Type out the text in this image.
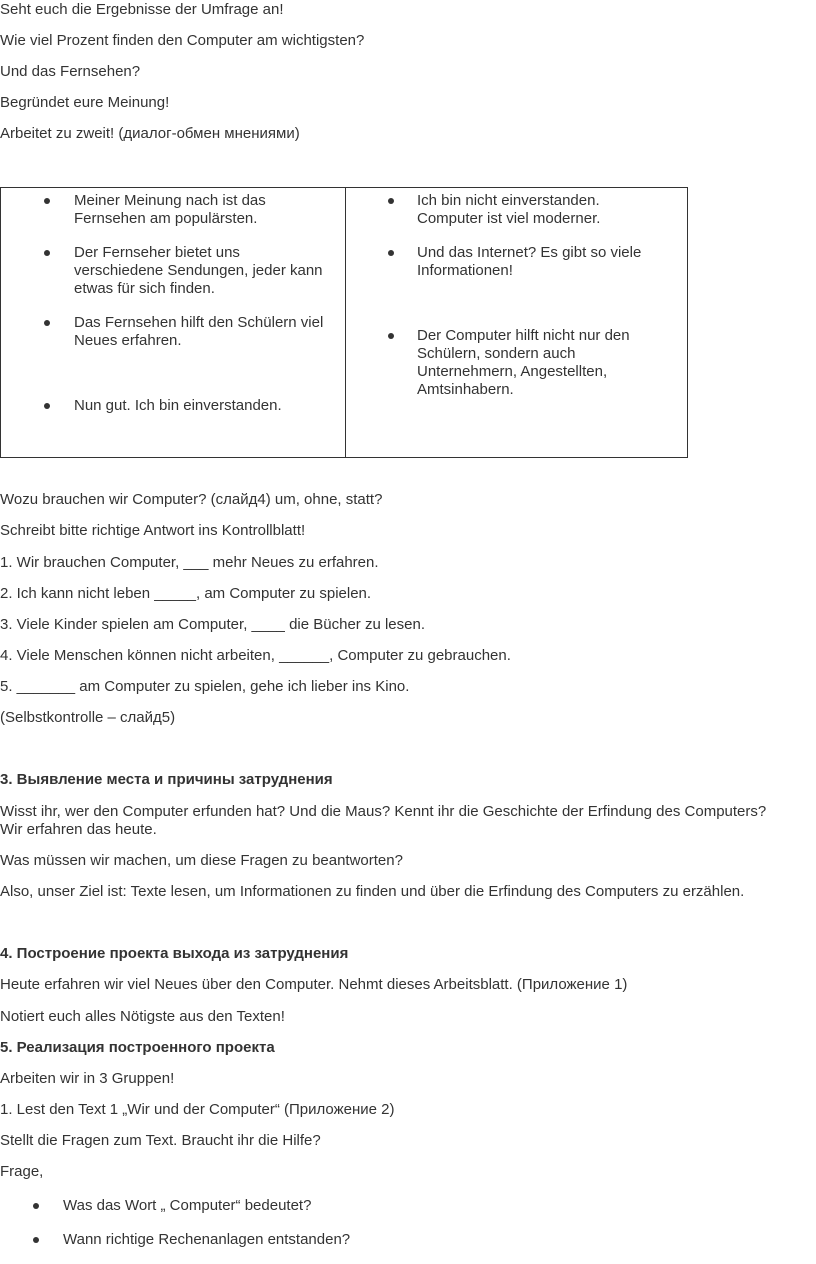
Seht euch die Ergebnisse der Umfrage an!

Wie viel Prozent finden den Computer am wichtigsten?

Und das Fernsehen?

Begründet eure Meinung!

Arbeitet zu zweit! (диалог-обмен мнениями)

Meiner Meinung nach ist das

Fernsehen am populärsten.

Der Fernseher bietet uns

verschiedene Sendungen, jeder kann

etwas für sich finden.

Das Fernsehen hilft den Schülern viel

Neues erfahren.

Nun gut. Ich bin einverstanden.

Ich bin nicht einverstanden.

Computer ist viel moderner.

Und das Internet? Es gibt so viele

Informationen!

Der Computer hilft nicht nur den

Schülern, sondern auch

Unternehmern, Angestellten,

Amtsinhabern.

Wozu brauchen wir Computer? (слайд4) um, ohne, statt?

Schreibt bitte richtige Antwort ins Kontrollblatt!

1. Wir brauchen Computer, ___ mehr Neues zu erfahren.

2. Ich kann nicht leben _____, am Computer zu spielen.

3. Viele Kinder spielen am Computer, ____ die Bücher zu lesen.

4. Viele Menschen können nicht arbeiten, ______, Computer zu gebrauchen.

5. _______ am Computer zu spielen, gehe ich lieber ins Kino.

(Selbstkontrolle – слайд5)

3. Выявление места и причины затруднения

Wisst ihr, wer den Computer erfunden hat? Und die Maus? Kennt ihr die Geschichte der Erfindung des Computers?

Wir erfahren das heute.

Was müssen wir machen, um diese Fragen zu beantworten?

Also, unser Ziel ist: Texte lesen, um Informationen zu finden und über die Erfindung des Computers zu erzählen.

4. Построение проекта выхода из затруднения

Heute erfahren wir viel Neues über den Computer. Nehmt dieses Arbeitsblatt. (Приложение 1)

Notiert euch alles Nötigste aus den Texten!

5. Реализация построенного проекта

Arbeiten wir in 3 Gruppen!

1. Lest den Text 1 „Wir und der Computer“ (Приложение 2)

Stellt die Fragen zum Text. Braucht ihr die Hilfe?

Frage,

Was das Wort „ Computer“ bedeutet?

Wann richtige Rechenanlagen entstanden?
